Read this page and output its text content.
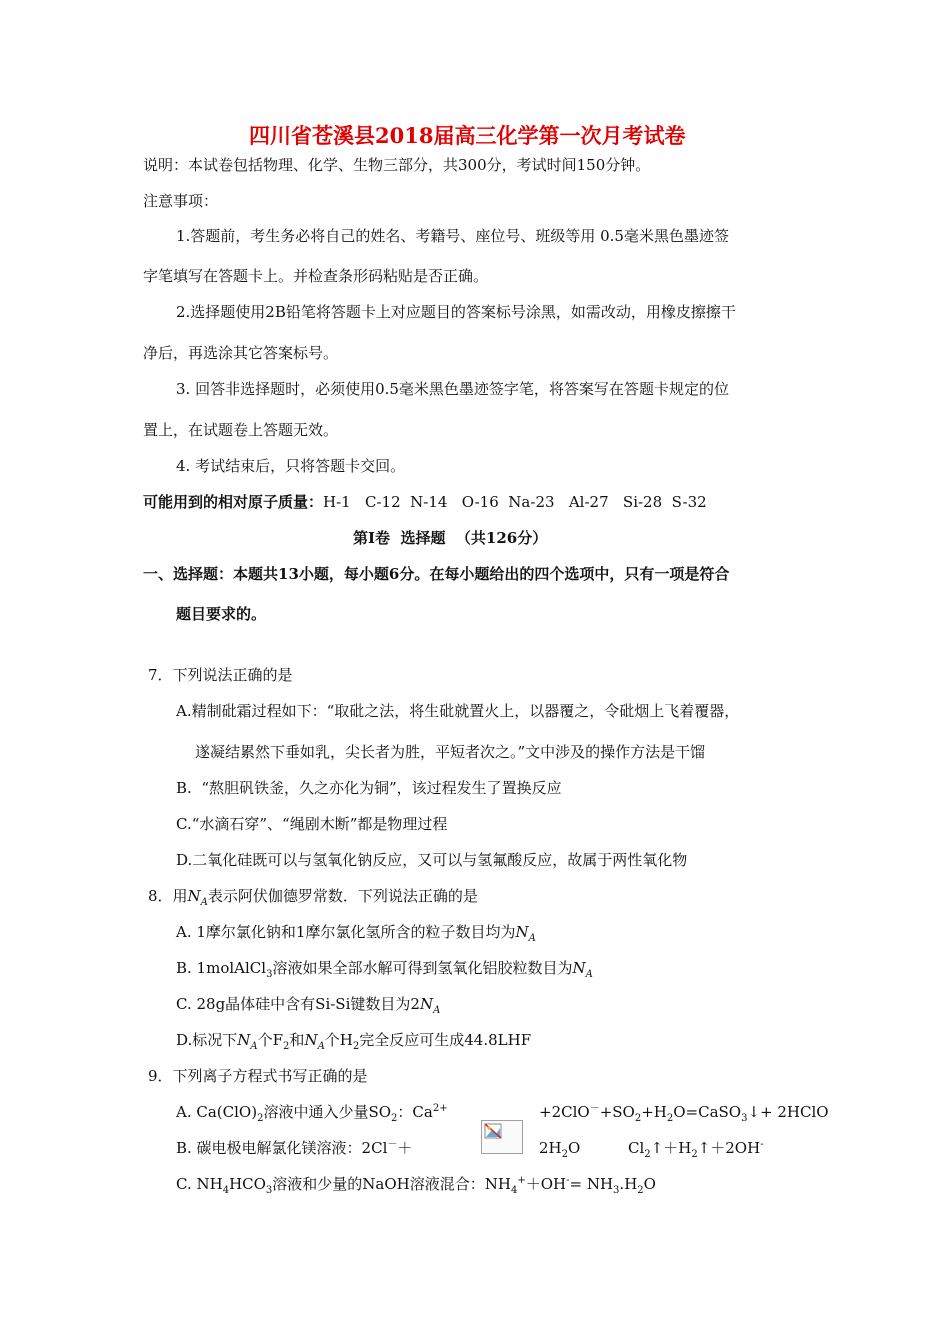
四川省苍溪县2018届高三化学第一次月考试卷
说明：本试卷包括物理、化学、生物三部分，共300分，考试时间150分钟。
注意事项：
1.答题前，考生务必将自己的姓名、考籍号、座位号、班级等用 0.5毫米黑色墨迹签
字笔填写在答题卡上。并检查条形码粘贴是否正确。
2.选择题使用2B铅笔将答题卡上对应题目的答案标号涂黑，如需改动，用橡皮擦擦干
净后，再选涂其它答案标号。
3. 回答非选择题时，必须使用0.5毫米黑色墨迹签字笔，将答案写在答题卡规定的位
置上，在试题卷上答题无效。
4. 考试结束后，只将答题卡交回。
可能用到的相对原子质量：H-1   C-12  N-14   O-16  Na-23   Al-27   Si-28  S-32
第Ⅰ卷  选择题  （共126分）
一、选择题：本题共13小题，每小题6分。在每小题给出的四个选项中，只有一项是符合
题目要求的。
7．下列说法正确的是
A.精制砒霜过程如下：“取砒之法，将生砒就置火上，以器覆之，令砒烟上飞着覆器，
遂凝结累然下垂如乳，尖长者为胜，平短者次之。”文中涉及的操作方法是干馏
B.  “熬胆矾铁釜，久之亦化为铜”，该过程发生了置换反应
C.“水滴石穿”、“绳剧木断”都是物理过程
D.二氧化硅既可以与氢氧化钠反应，又可以与氢氟酸反应，故属于两性氧化物
8．用$N_A$表示阿伏伽德罗常数．下列说法正确的是
A. 1摩尔氯化钠和1摩尔氯化氢所含的粒子数目均为$N_A$
B. 1molAlCl$_3$溶液如果全部水解可得到氢氧化铝胶粒数目为$N_A$
C. 28g晶体硅中含有Si-Si键数目为$2N_A$
D.标况下$N_A$个$F_2$和$N_A$个$H_2$完全反应可生成44.8LHF
9．下列离子方程式书写正确的是
A. $Ca(ClO)_2$溶液中通入少量$SO_2$：$Ca^{2+}$	$+2ClO^-+SO_2+H_2O=CaSO_3↓+$ 2HClO
B. 碳电极电解氯化镁溶液：2Cl－＋	$2H_2O$	$Cl_2↑+H_2↑+2OH^-$
C. $NH_4HCO_3$溶液和少量的NaOH溶液混合：$NH_4^++OH^-= NH_3.H_2O$
